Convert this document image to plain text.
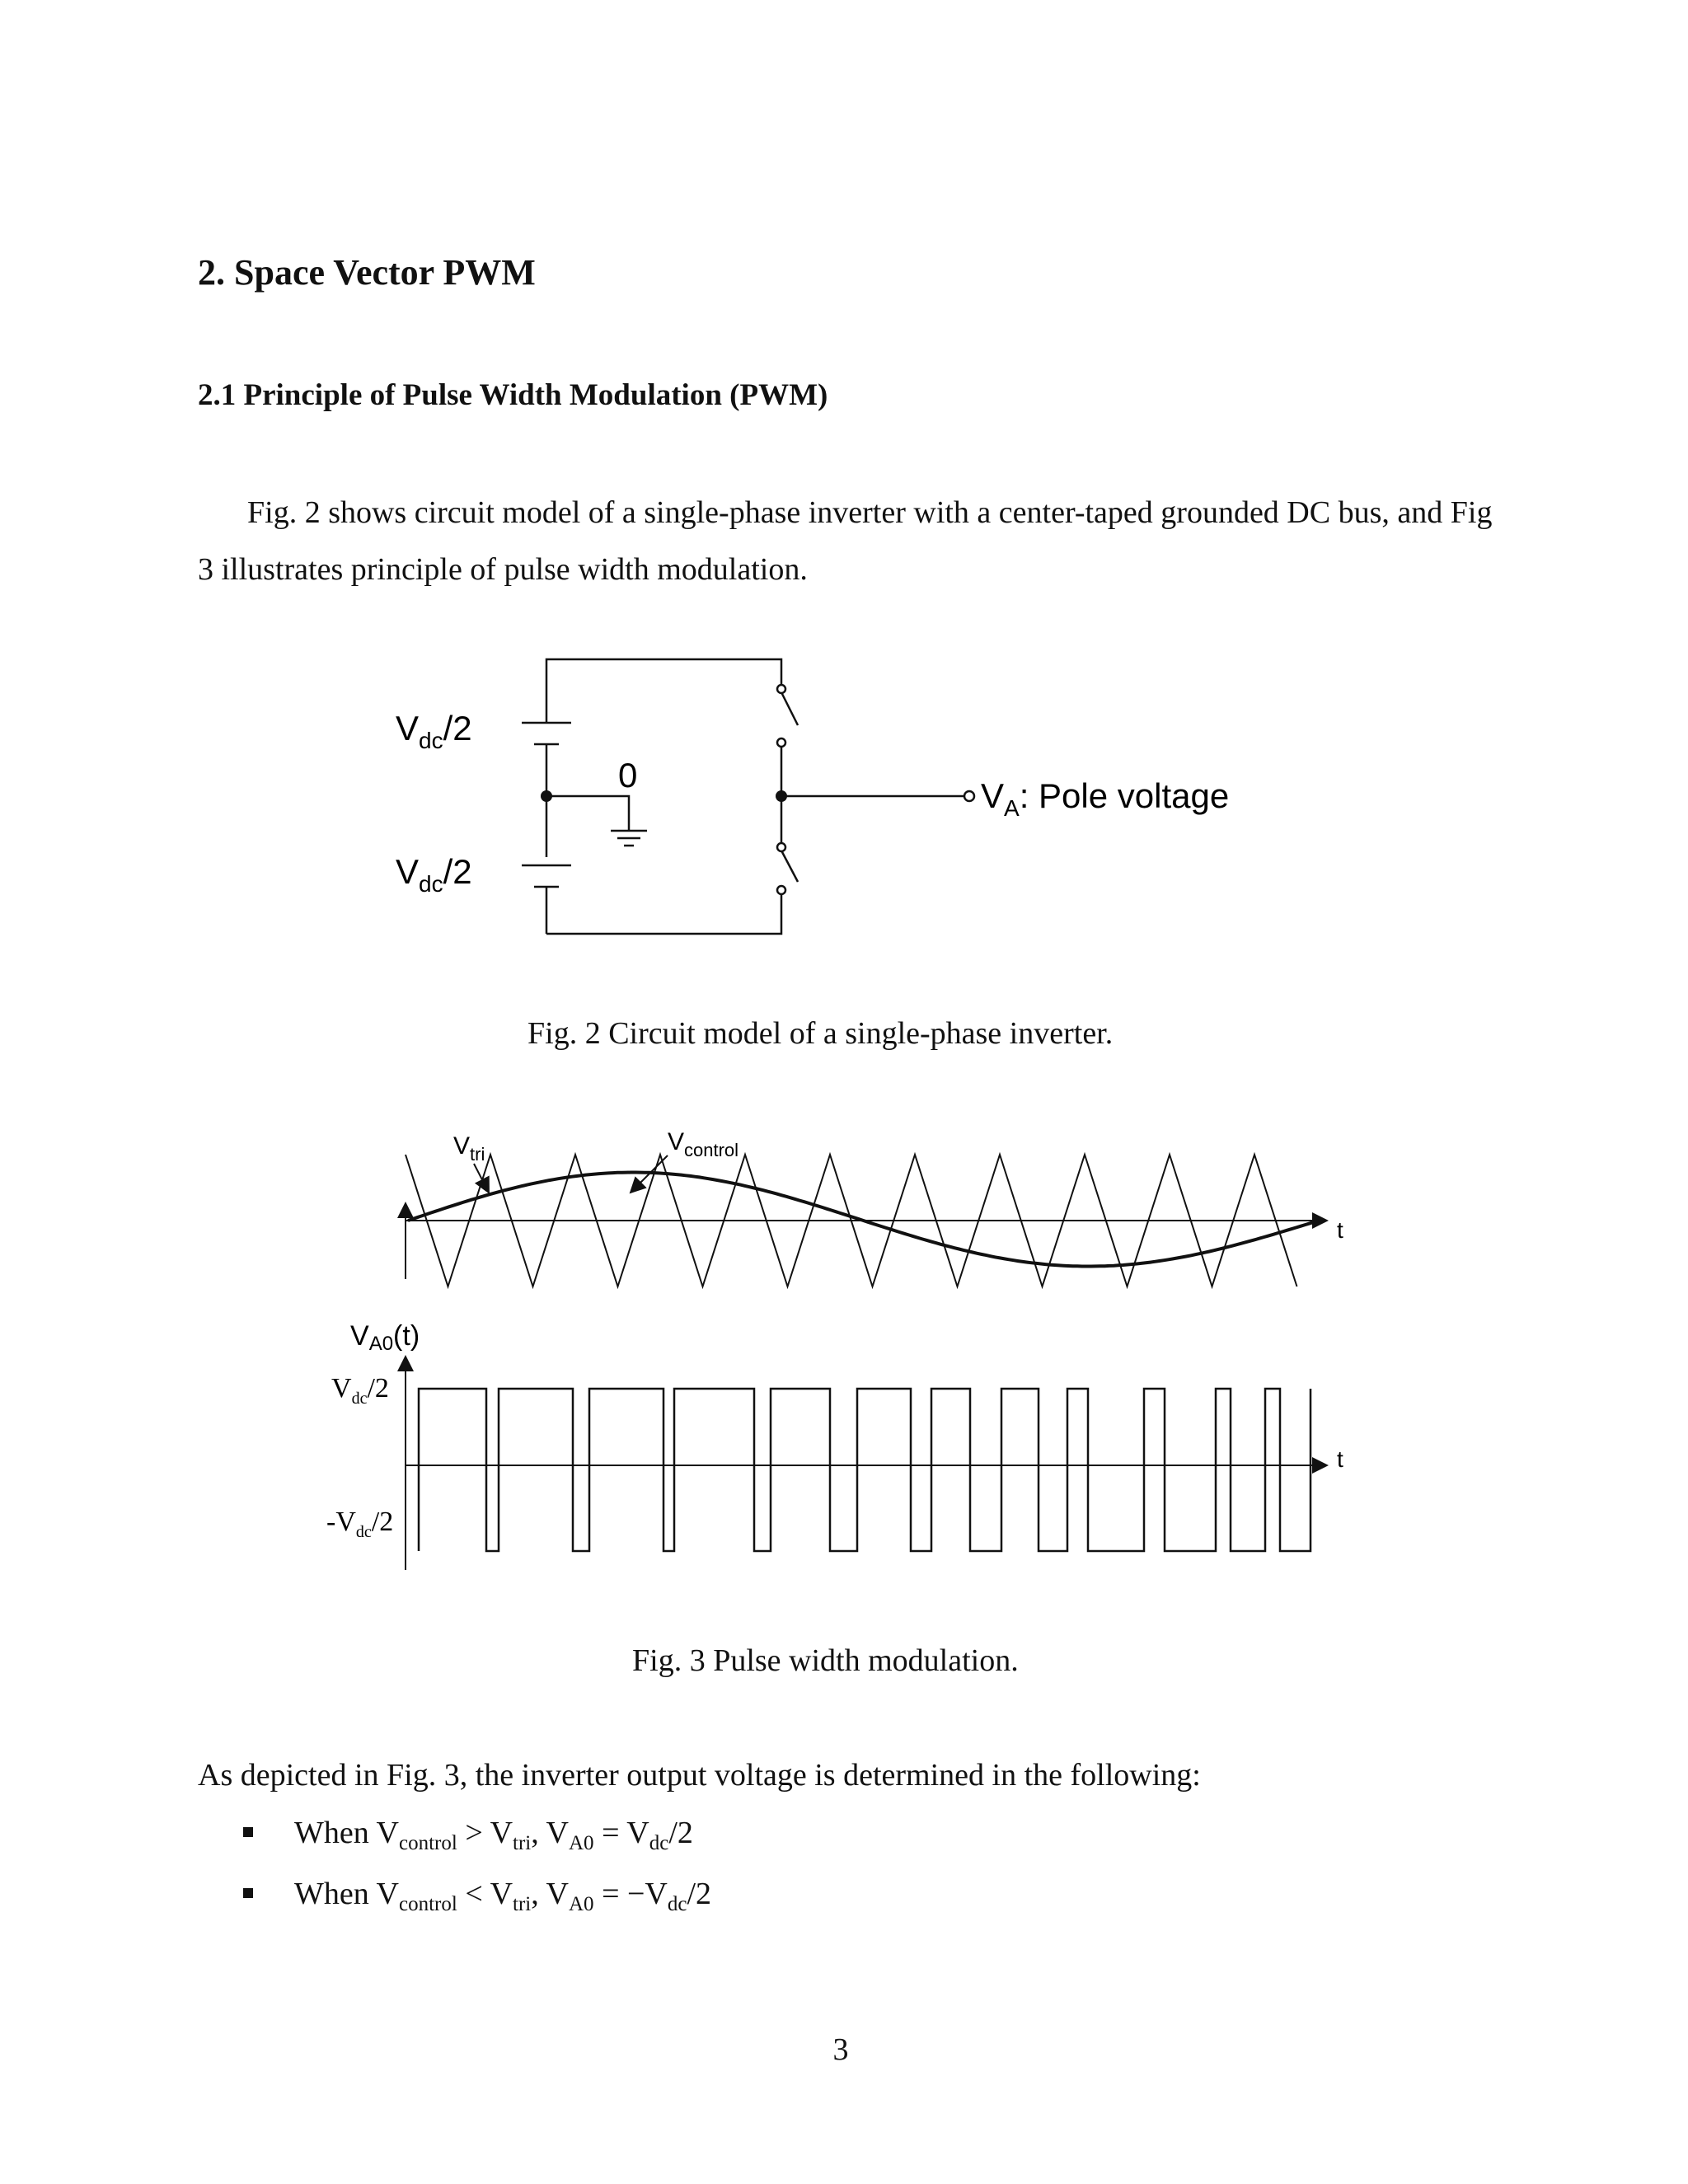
2. Space Vector PWM
2.1 Principle of Pulse Width Modulation (PWM)
Fig. 2 shows circuit model of a single-phase inverter with a center-taped grounded DC bus, and Fig 3 illustrates principle of pulse width modulation.
$V_{dc}/2$
$V_{dc}/2$
0
$V_A$: Pole voltage
Fig. 2 Circuit model of a single-phase inverter.
$V_{tri}$	$V_{control}$
t
t
VA0(t)
$V_{dc}/2$
$-V_{dc}/2$
Fig. 3 Pulse width modulation.
As depicted in Fig. 3, the inverter output voltage is determined in the following:
When $V_{control} > V_{tri}$, $V_{A0} = V_{dc}/2$
When $V_{control} < V_{tri}$, $V_{A0} = -V_{dc}/2$
3
